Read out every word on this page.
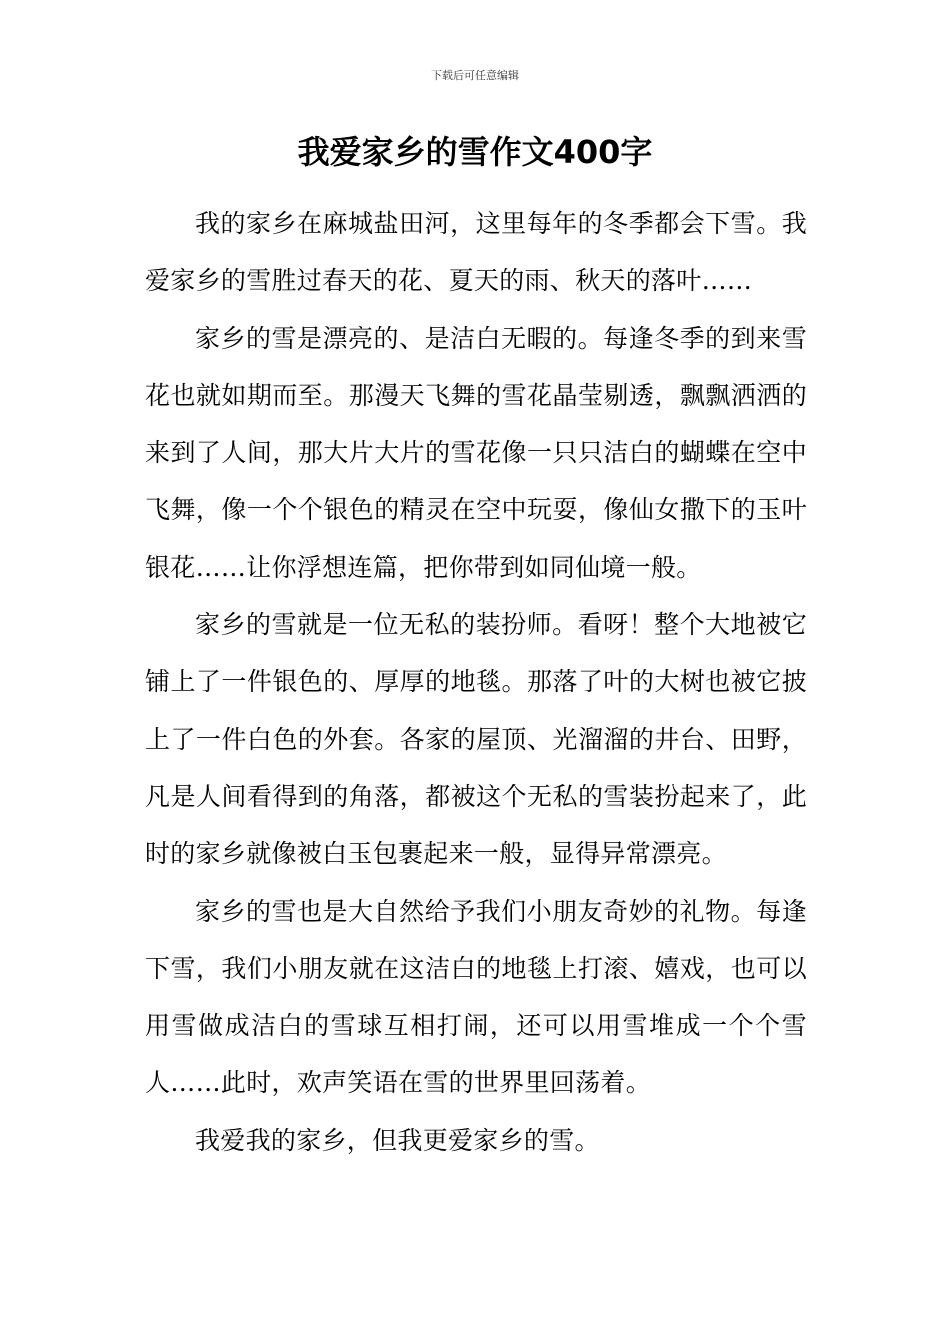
下载后可任意编辑
我爱家乡的雪作文400字

我的家乡在麻城盐田河，这里每年的冬季都会下雪。我爱家乡的雪胜过春天的花、夏天的雨、秋天的落叶……

家乡的雪是漂亮的、是洁白无暇的。每逢冬季的到来雪花也就如期而至。那漫天飞舞的雪花晶莹剔透，飘飘洒洒的来到了人间，那大片大片的雪花像一只只洁白的蝴蝶在空中飞舞，像一个个银色的精灵在空中玩耍，像仙女撒下的玉叶银花……让你浮想连篇，把你带到如同仙境一般。

家乡的雪就是一位无私的装扮师。看呀！整个大地被它铺上了一件银色的、厚厚的地毯。那落了叶的大树也被它披上了一件白色的外套。各家的屋顶、光溜溜的井台、田野，凡是人间看得到的角落，都被这个无私的雪装扮起来了，此时的家乡就像被白玉包裹起来一般，显得异常漂亮。

家乡的雪也是大自然给予我们小朋友奇妙的礼物。每逢下雪，我们小朋友就在这洁白的地毯上打滚、嬉戏，也可以用雪做成洁白的雪球互相打闹，还可以用雪堆成一个个雪人……此时，欢声笑语在雪的世界里回荡着。

我爱我的家乡，但我更爱家乡的雪。
